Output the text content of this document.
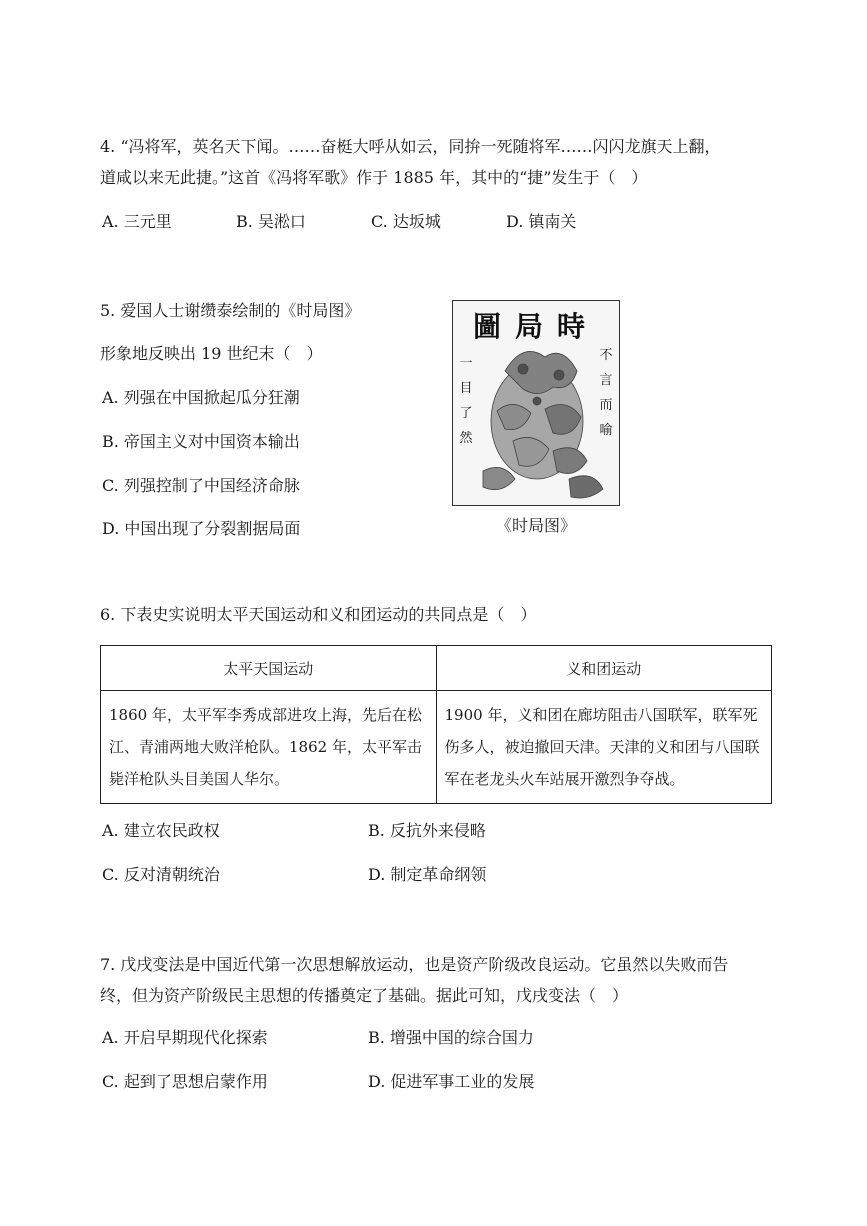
4. “冯将军，英名天下闻。……奋梃大呼从如云，同拚一死随将军……闪闪龙旗天上翻，
道咸以来无此捷。”这首《冯将军歌》作于 1885 年，其中的“捷”发生于（　）
A. 三元里	B. 吴淞口	C. 达坂城	D. 镇南关
5. 爱国人士谢缵泰绘制的《时局图》
形象地反映出 19 世纪末（　）
A. 列强在中国掀起瓜分狂潮
B. 帝国主义对中国资本输出
C. 列强控制了中国经济命脉
D. 中国出现了分裂割据局面
圖局時
一目了然
不言而喻
《时局图》
6. 下表史实说明太平天国运动和义和团运动的共同点是（　）
太平天国运动	义和团运动
1860 年，太平军李秀成部进攻上海，先后在松江、青浦两地大败洋枪队。1862 年，太平军击毙洋枪队头目美国人华尔。	1900 年，义和团在廊坊阻击八国联军，联军死伤多人，被迫撤回天津。天津的义和团与八国联军在老龙头火车站展开激烈争夺战。
A. 建立农民政权	B. 反抗外来侵略
C. 反对清朝统治	D. 制定革命纲领
7. 戊戌变法是中国近代第一次思想解放运动，也是资产阶级改良运动。它虽然以失败而告
终，但为资产阶级民主思想的传播奠定了基础。据此可知，戊戌变法（　）
A. 开启早期现代化探索	B. 增强中国的综合国力
C. 起到了思想启蒙作用	D. 促进军事工业的发展
